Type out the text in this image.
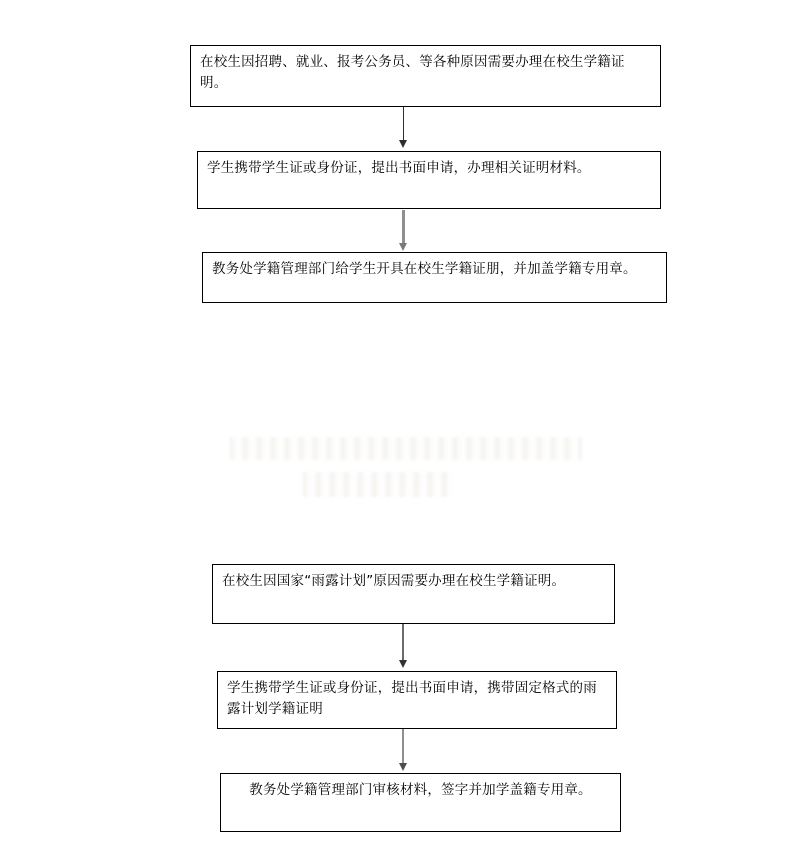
在校生因招聘、就业、报考公务员、等各种原因需要办理在校生学籍证明。
学生携带学生证或身份证，提出书面申请，办理相关证明材料。
教务处学籍管理部门给学生开具在校生学籍证朋，并加盖学籍专用章。
在校生因国家“雨露计划”原因需要办理在校生学籍证明。
学生携带学生证或身份证，提出书面申请，携带固定格式的雨露计划学籍证明
教务处学籍管理部门审核材料，签字并加学盖籍专用章。
